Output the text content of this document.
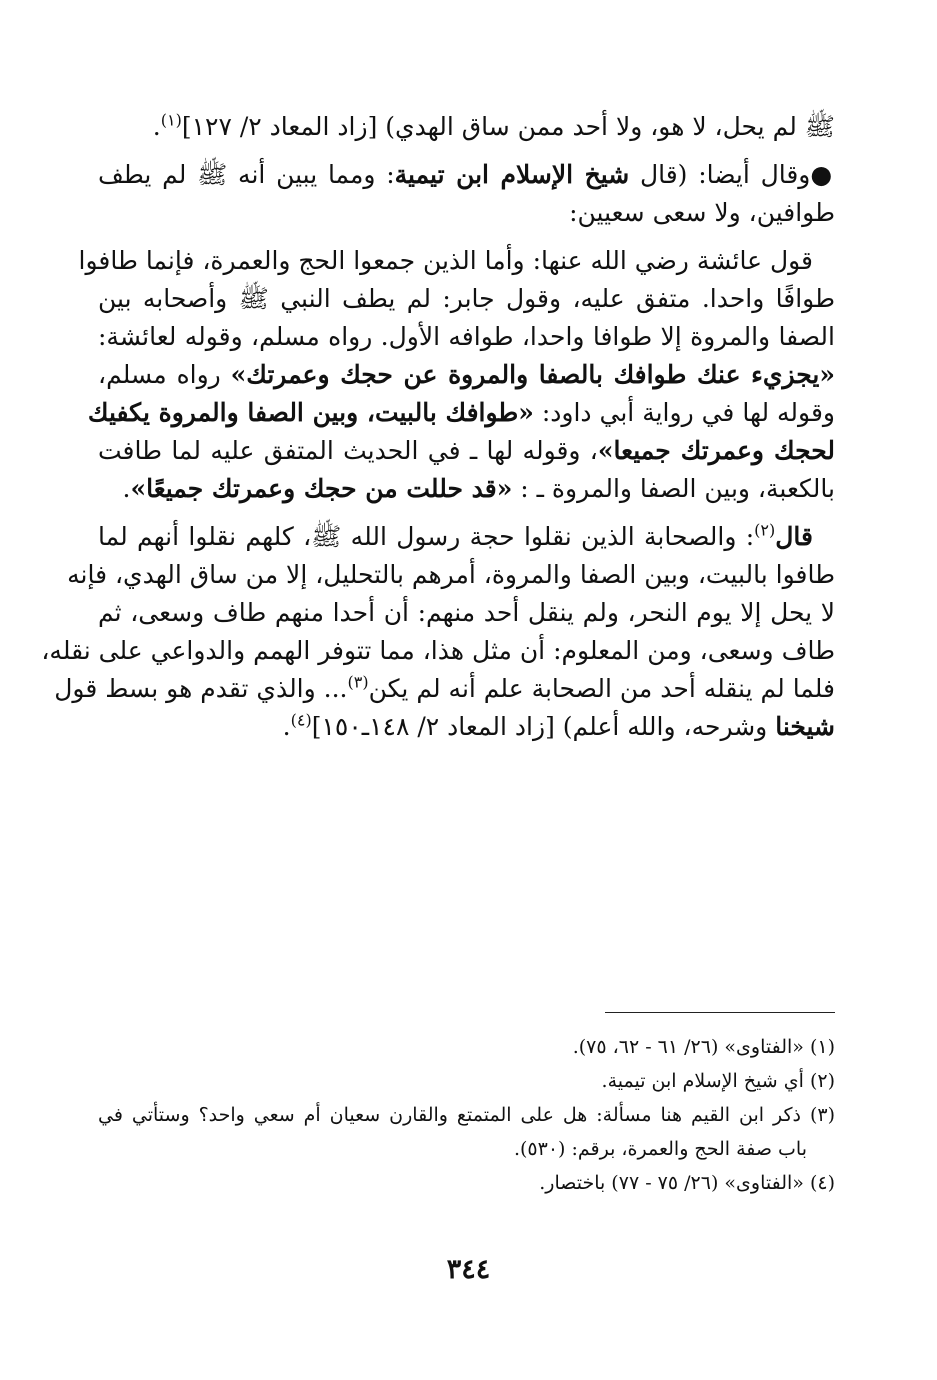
ﷺ لم يحل، لا هو، ولا أحد ممن ساق الهدي) [زاد المعاد ٢/ ١٢٧]$^{(١)}$.
●وقال أيضا: (قال شيخ الإسلام ابن تيمية: ومما يبين أنه ﷺ لم يطف
طوافين، ولا سعى سعيين:
قول عائشة رضي الله عنها: وأما الذين جمعوا الحج والعمرة، فإنما طافوا
طوافًا واحدا. متفق عليه، وقول جابر: لم يطف النبي ﷺ وأصحابه بين
الصفا والمروة إلا طوافا واحدا، طوافه الأول. رواه مسلم، وقوله لعائشة:
«يجزيء عنك طوافك بالصفا والمروة عن حجك وعمرتك» رواه مسلم،
وقوله لها في رواية أبي داود: «طوافك بالبيت، وبين الصفا والمروة يكفيك
لحجك وعمرتك جميعا»، وقوله لها ـ في الحديث المتفق عليه لما طافت
بالكعبة، وبين الصفا والمروة ـ : «قد حللت من حجك وعمرتك جميعًا».
قال$^{(٢)}$: والصحابة الذين نقلوا حجة رسول الله ﷺ، كلهم نقلوا أنهم لما
طافوا بالبيت، وبين الصفا والمروة، أمرهم بالتحليل، إلا من ساق الهدي، فإنه
لا يحل إلا يوم النحر، ولم ينقل أحد منهم: أن أحدا منهم طاف وسعى، ثم
طاف وسعى، ومن المعلوم: أن مثل هذا، مما تتوفر الهمم والدواعي على نقله،
فلما لم ينقله أحد من الصحابة علم أنه لم يكن$^{(٣)}$... والذي تقدم هو بسط قول
شيخنا وشرحه، والله أعلم) [زاد المعاد ٢/ ١٤٨ـ١٥٠]$^{(٤)}$.
(١) «الفتاوى» (٢٦/ ٦١ - ٦٢، ٧٥).
(٢) أي شيخ الإسلام ابن تيمية.
(٣) ذكر ابن القيم هنا مسألة: هل على المتمتع والقارن سعيان أم سعي واحد؟ وستأتي في
باب صفة الحج والعمرة، برقم: (٥٣٠).
(٤) «الفتاوى» (٢٦/ ٧٥ - ٧٧) باختصار.
٣٤٤
